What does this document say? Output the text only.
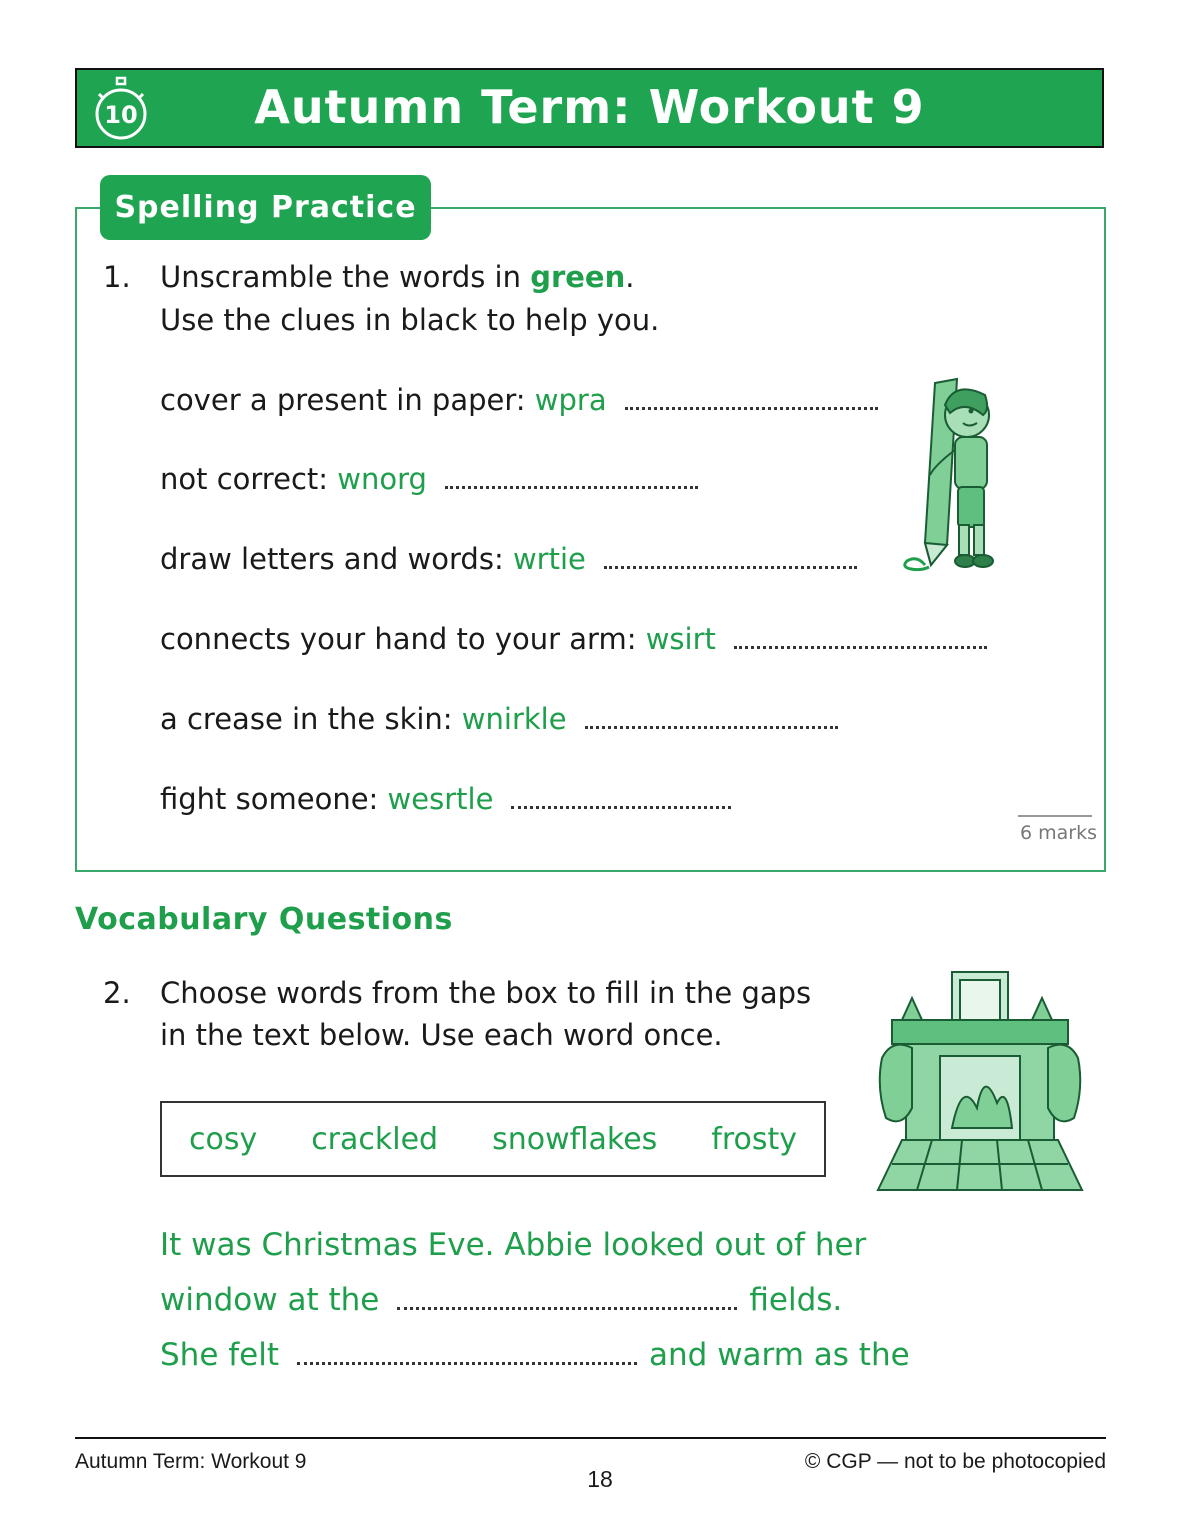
10	Autumn Term: Workout 9
Spelling Practice
1. Unscramble the words in green.
Use the clues in black to help you.
cover a present in paper: wpra
not correct: wnorg
draw letters and words: wrtie
connects your hand to your arm: wsirt
a crease in the skin: wnirkle
fight someone: wesrtle
6 marks
Vocabulary Questions
2. Choose words from the box to fill in the gaps
in the text below. Use each word once.
cosy crackled snowflakes frosty
It was Christmas Eve. Abbie looked out of her
window at the	fields.
She felt	and warm as the
Autumn Term: Workout 9	© CGP — not to be photocopied
18
